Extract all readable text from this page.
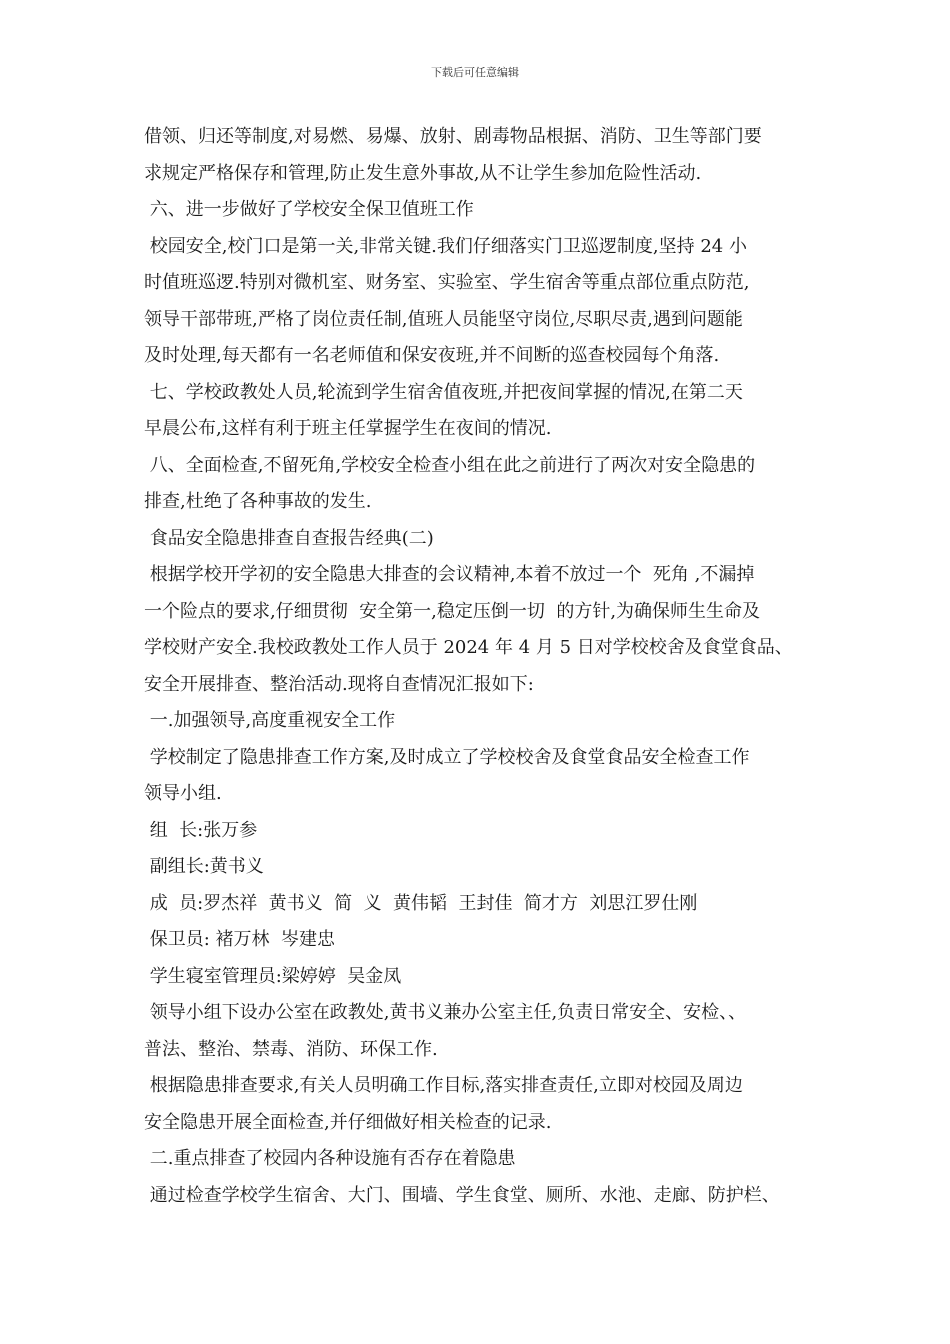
下载后可任意编辑
借领、归还等制度,对易燃、易爆、放射、剧毒物品根据、消防、卫生等部门要
求规定严格保存和管理,防止发生意外事故,从不让学生参加危险性活动.
六、进一步做好了学校安全保卫值班工作
校园安全,校门口是第一关,非常关键.我们仔细落实门卫巡逻制度,坚持 24 小
时值班巡逻.特别对微机室、财务室、实验室、学生宿舍等重点部位重点防范,
领导干部带班,严格了岗位责任制,值班人员能坚守岗位,尽职尽责,遇到问题能
及时处理,每天都有一名老师值和保安夜班,并不间断的巡查校园每个角落.
七、学校政教处人员,轮流到学生宿舍值夜班,并把夜间掌握的情况,在第二天
早晨公布,这样有利于班主任掌握学生在夜间的情况.
八、全面检查,不留死角,学校安全检查小组在此之前进行了两次对安全隐患的
排查,杜绝了各种事故的发生.
食品安全隐患排查自查报告经典(二)
根据学校开学初的安全隐患大排查的会议精神,本着不放过一个  死角 ,不漏掉
一个险点的要求,仔细贯彻  安全第一,稳定压倒一切  的方针,为确保师生生命及
学校财产安全.我校政教处工作人员于 2024 年 4 月 5 日对学校校舍及食堂食品、
安全开展排查、整治活动.现将自查情况汇报如下:
一.加强领导,高度重视安全工作
学校制定了隐患排查工作方案,及时成立了学校校舍及食堂食品安全检查工作
领导小组.
组  长:张万参
副组长:黄书义
成  员:罗杰祥  黄书义  简  义  黄伟韬  王封佳  简才方  刘思江罗仕刚
保卫员: 褚万林  岑建忠
学生寝室管理员:梁婷婷  吴金凤
领导小组下设办公室在政教处,黄书义兼办公室主任,负责日常安全、安检、、
普法、整治、禁毒、消防、环保工作.
根据隐患排查要求,有关人员明确工作目标,落实排查责任,立即对校园及周边
安全隐患开展全面检查,并仔细做好相关检查的记录.
二.重点排查了校园内各种设施有否存在着隐患
通过检查学校学生宿舍、大门、围墙、学生食堂、厕所、水池、走廊、防护栏、
